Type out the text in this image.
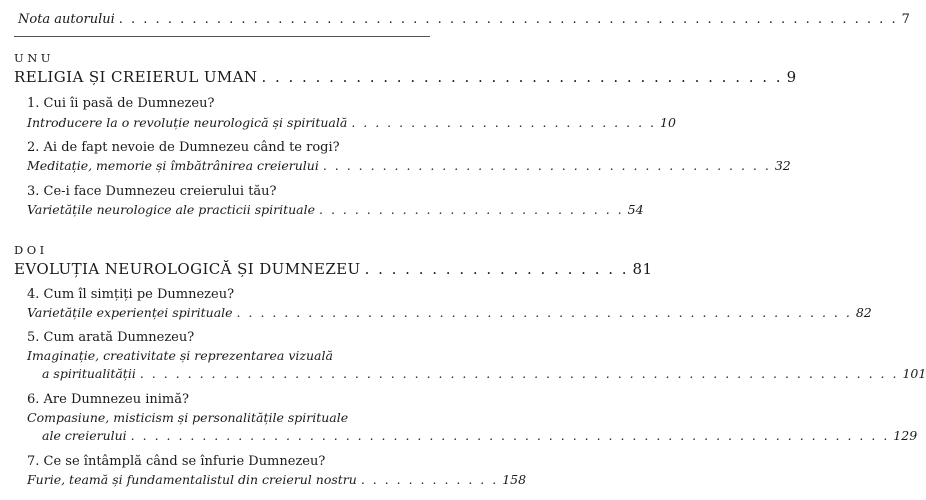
Nota autorului . . . . . . . . . . . . . . . . . . . . . . . . . . . . . . . . . . . . . . . . . . . . . . . . . . . . . . . . . . . . . . . . 7
UNU
RELIGIA ȘI CREIERUL UMAN . . . . . . . . . . . . . . . . . . . . . . . . . . . . . . . . . . . . . . . 9
1. Cui îi pasă de Dumnezeu?
Introducere la o revoluție neurologică și spirituală . . . . . . . . . . . . . . . . . . . . . . . . . . 10
2. Ai de fapt nevoie de Dumnezeu când te rogi?
Meditație, memorie și îmbătrânirea creierului . . . . . . . . . . . . . . . . . . . . . . . . . . . . . . . . . . . . . . 32
3. Ce-i face Dumnezeu creierului tău?
Varietățile neurologice ale practicii spirituale . . . . . . . . . . . . . . . . . . . . . . . . . . 54
DOI
EVOLUȚIA NEUROLOGICĂ ȘI DUMNEZEU . . . . . . . . . . . . . . . . . . . . 81
4. Cum îl simțiți pe Dumnezeu?
Varietățile experienței spirituale . . . . . . . . . . . . . . . . . . . . . . . . . . . . . . . . . . . . . . . . . . . . . . . . . . . . 82
5. Cum arată Dumnezeu?
Imaginație, creativitate și reprezentarea vizuală
a spiritualității . . . . . . . . . . . . . . . . . . . . . . . . . . . . . . . . . . . . . . . . . . . . . . . . . . . . . . . . . . . . . . . . 101
6. Are Dumnezeu inimă?
Compasiune, misticism și personalitățile spirituale
ale creierului . . . . . . . . . . . . . . . . . . . . . . . . . . . . . . . . . . . . . . . . . . . . . . . . . . . . . . . . . . . . . . . . 129
7. Ce se întâmplă când se înfurie Dumnezeu?
Furie, teamă și fundamentalistul din creierul nostru . . . . . . . . . . . . 158
